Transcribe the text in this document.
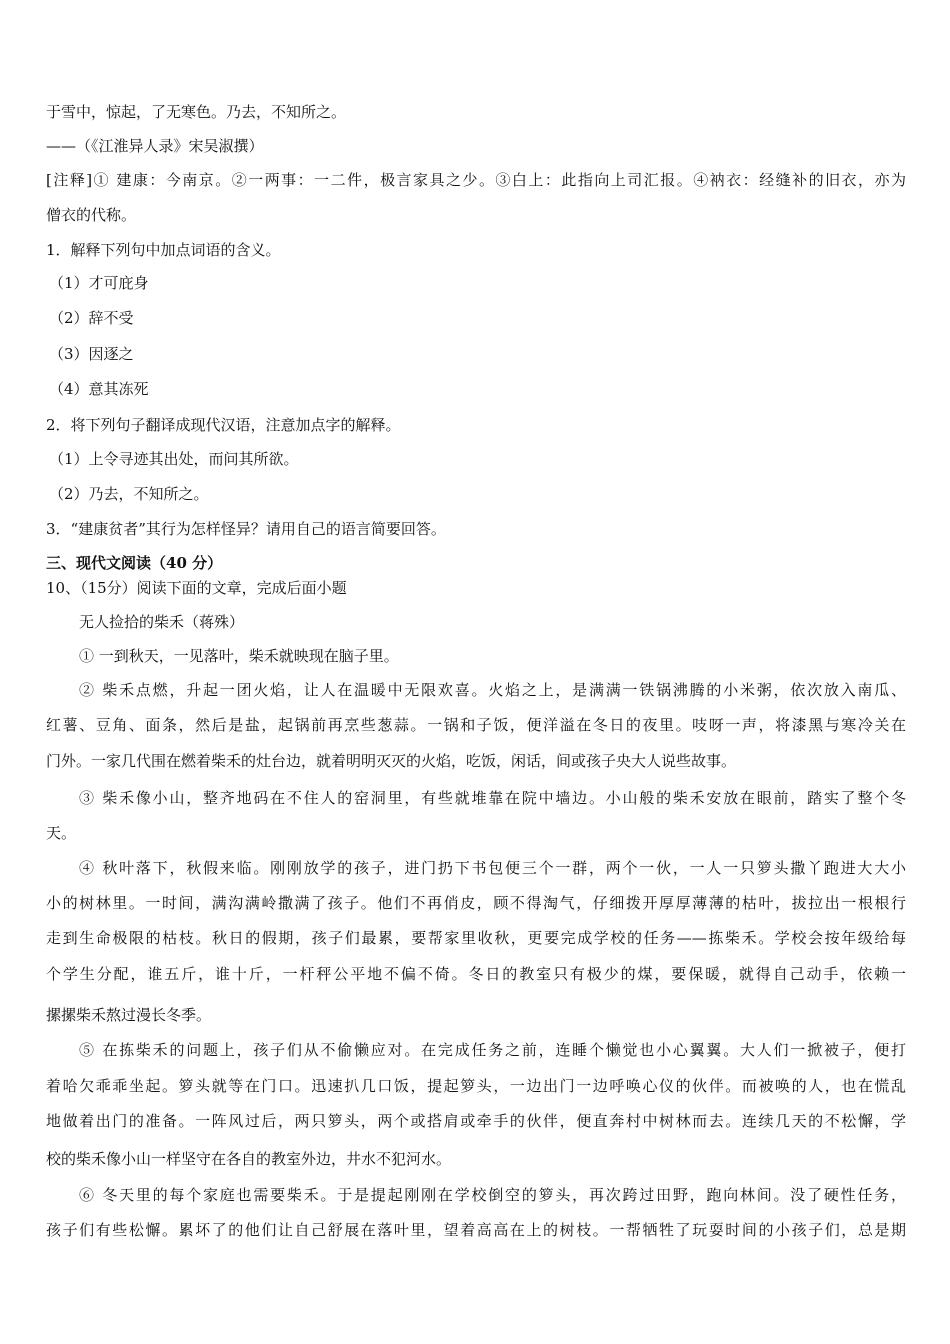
于雪中，惊起，了无寒色。乃去，不知所之。
——（《江淮异人录》宋吴淑撰）
[注释]① 建康：今南京。②一两事：一二件，极言家具之少。③白上：此指向上司汇报。④衲衣：经缝补的旧衣，亦为
僧衣的代称。
1．解释下列句中加点词语的含义。
（1）才可庇身
（2）辞不受
（3）因逐之
（4）意其冻死
2．将下列句子翻译成现代汉语，注意加点字的解释。
（1）上令寻迹其出处，而问其所欲。
（2）乃去，不知所之。
3．“建康贫者”其行为怎样怪异？请用自己的语言简要回答。
三、现代文阅读（40 分）
10、（15分）阅读下面的文章，完成后面小题
无人捡拾的柴禾（蒋殊）
① 一到秋天，一见落叶，柴禾就映现在脑子里。
② 柴禾点燃，升起一团火焰，让人在温暖中无限欢喜。火焰之上，是满满一铁锅沸腾的小米粥，依次放入南瓜、
红薯、豆角、面条，然后是盐，起锅前再烹些葱蒜。一锅和子饭，便洋溢在冬日的夜里。吱呀一声，将漆黑与寒冷关在
门外。一家几代围在燃着柴禾的灶台边，就着明明灭灭的火焰，吃饭，闲话，间或孩子央大人说些故事。
③ 柴禾像小山，整齐地码在不住人的窑洞里，有些就堆靠在院中墙边。小山般的柴禾安放在眼前，踏实了整个冬
天。
④ 秋叶落下，秋假来临。刚刚放学的孩子，进门扔下书包便三个一群，两个一伙，一人一只箩头撒丫跑进大大小
小的树林里。一时间，满沟满岭撒满了孩子。他们不再俏皮，顾不得淘气，仔细拨开厚厚薄薄的枯叶，拔拉出一根根行
走到生命极限的枯枝。秋日的假期，孩子们最累，要帮家里收秋，更要完成学校的任务——拣柴禾。学校会按年级给每
个学生分配，谁五斤，谁十斤，一杆秤公平地不偏不倚。冬日的教室只有极少的煤，要保暖，就得自己动手，依赖一
摞摞柴禾熬过漫长冬季。
⑤ 在拣柴禾的问题上，孩子们从不偷懒应对。在完成任务之前，连睡个懒觉也小心翼翼。大人们一掀被子，便打
着哈欠乖乖坐起。箩头就等在门口。迅速扒几口饭，提起箩头，一边出门一边呼唤心仪的伙伴。而被唤的人，也在慌乱
地做着出门的准备。一阵风过后，两只箩头，两个或搭肩或牵手的伙伴，便直奔村中树林而去。连续几天的不松懈，学
校的柴禾像小山一样坚守在各自的教室外边，井水不犯河水。
⑥ 冬天里的每个家庭也需要柴禾。于是提起刚刚在学校倒空的箩头，再次跨过田野，跑向林间。没了硬性任务，
孩子们有些松懈。累坏了的他们让自己舒展在落叶里，望着高高在上的树枝。一帮牺牲了玩耍时间的小孩子们，总是期
